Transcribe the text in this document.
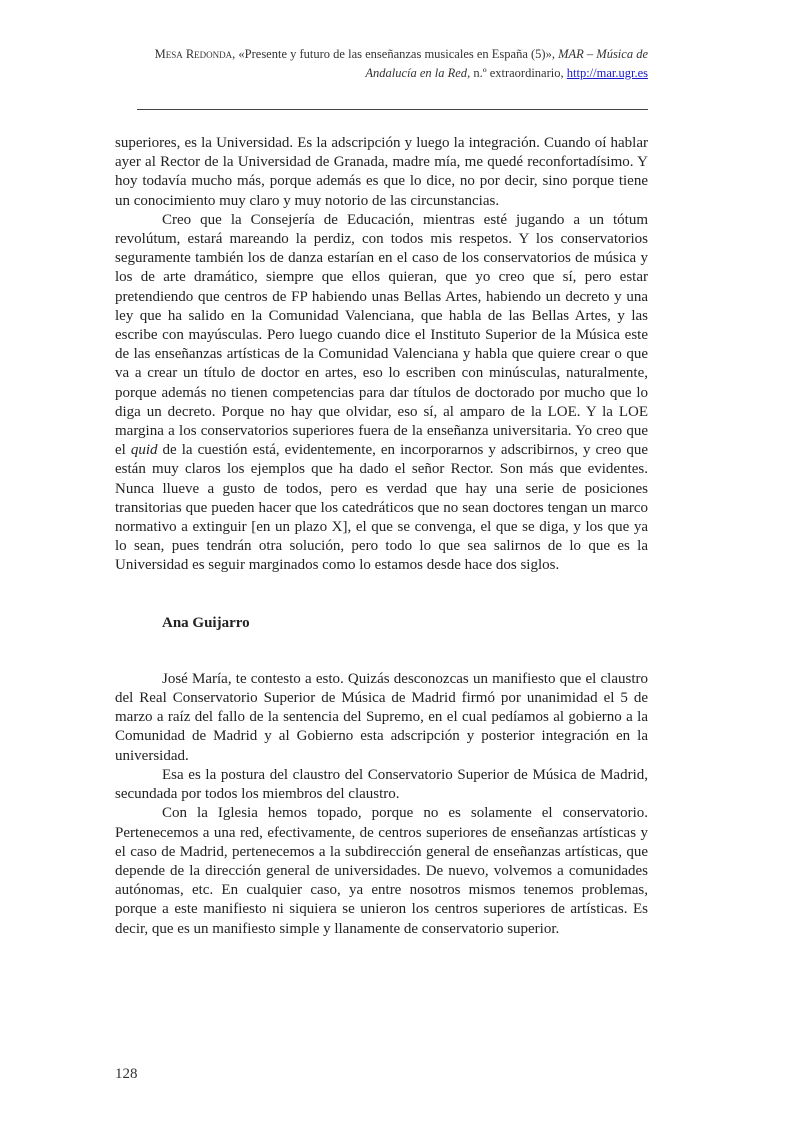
Mesa Redonda, «Presente y futuro de las enseñanzas musicales en España (5)», MAR – Música de
Andalucía en la Red, n.º extraordinario, http://mar.ugr.es

superiores, es la Universidad. Es la adscripción y luego la integración. Cuando oí hablar ayer al Rector de la Universidad de Granada, madre mía, me quedé reconfortadísimo. Y hoy todavía mucho más, porque además es que lo dice, no por decir, sino porque tiene un conocimiento muy claro y muy notorio de las circunstancias.

Creo que la Consejería de Educación, mientras esté jugando a un tótum revolútum, estará mareando la perdiz, con todos mis respetos. Y los conservatorios seguramente también los de danza estarían en el caso de los conservatorios de música y los de arte dramático, siempre que ellos quieran, que yo creo que sí, pero estar pretendiendo que centros de FP habiendo unas Bellas Artes, habiendo un decreto y una ley que ha salido en la Comunidad Valenciana, que habla de las Bellas Artes, y las escribe con mayúsculas. Pero luego cuando dice el Instituto Superior de la Música este de las enseñanzas artísticas de la Comunidad Valenciana y habla que quiere crear o que va a crear un título de doctor en artes, eso lo escriben con minúsculas, naturalmente, porque además no tienen competencias para dar títulos de doctorado por mucho que lo diga un decreto. Porque no hay que olvidar, eso sí, al amparo de la LOE. Y la LOE margina a los conservatorios superiores fuera de la enseñanza universitaria. Yo creo que el quid de la cuestión está, evidentemente, en incorporarnos y adscribirnos, y creo que están muy claros los ejemplos que ha dado el señor Rector. Son más que evidentes. Nunca llueve a gusto de todos, pero es verdad que hay una serie de posiciones transitorias que pueden hacer que los catedráticos que no sean doctores tengan un marco normativo a extinguir [en un plazo X], el que se convenga, el que se diga, y los que ya lo sean, pues tendrán otra solución, pero todo lo que sea salirnos de lo que es la Universidad es seguir marginados como lo estamos desde hace dos siglos.

Ana Guijarro

José María, te contesto a esto. Quizás desconozcas un manifiesto que el claustro del Real Conservatorio Superior de Música de Madrid firmó por unanimidad el 5 de marzo a raíz del fallo de la sentencia del Supremo, en el cual pedíamos al gobierno a la Comunidad de Madrid y al Gobierno esta adscripción y posterior integración en la universidad.

Esa es la postura del claustro del Conservatorio Superior de Música de Madrid, secundada por todos los miembros del claustro.

Con la Iglesia hemos topado, porque no es solamente el conservatorio. Pertenecemos a una red, efectivamente, de centros superiores de enseñanzas artísticas y el caso de Madrid, pertenecemos a la subdirección general de enseñanzas artísticas, que depende de la dirección general de universidades. De nuevo, volvemos a comunidades autónomas, etc. En cualquier caso, ya entre nosotros mismos tenemos problemas, porque a este manifiesto ni siquiera se unieron los centros superiores de artísticas. Es decir, que es un manifiesto simple y llanamente de conservatorio superior.

128
